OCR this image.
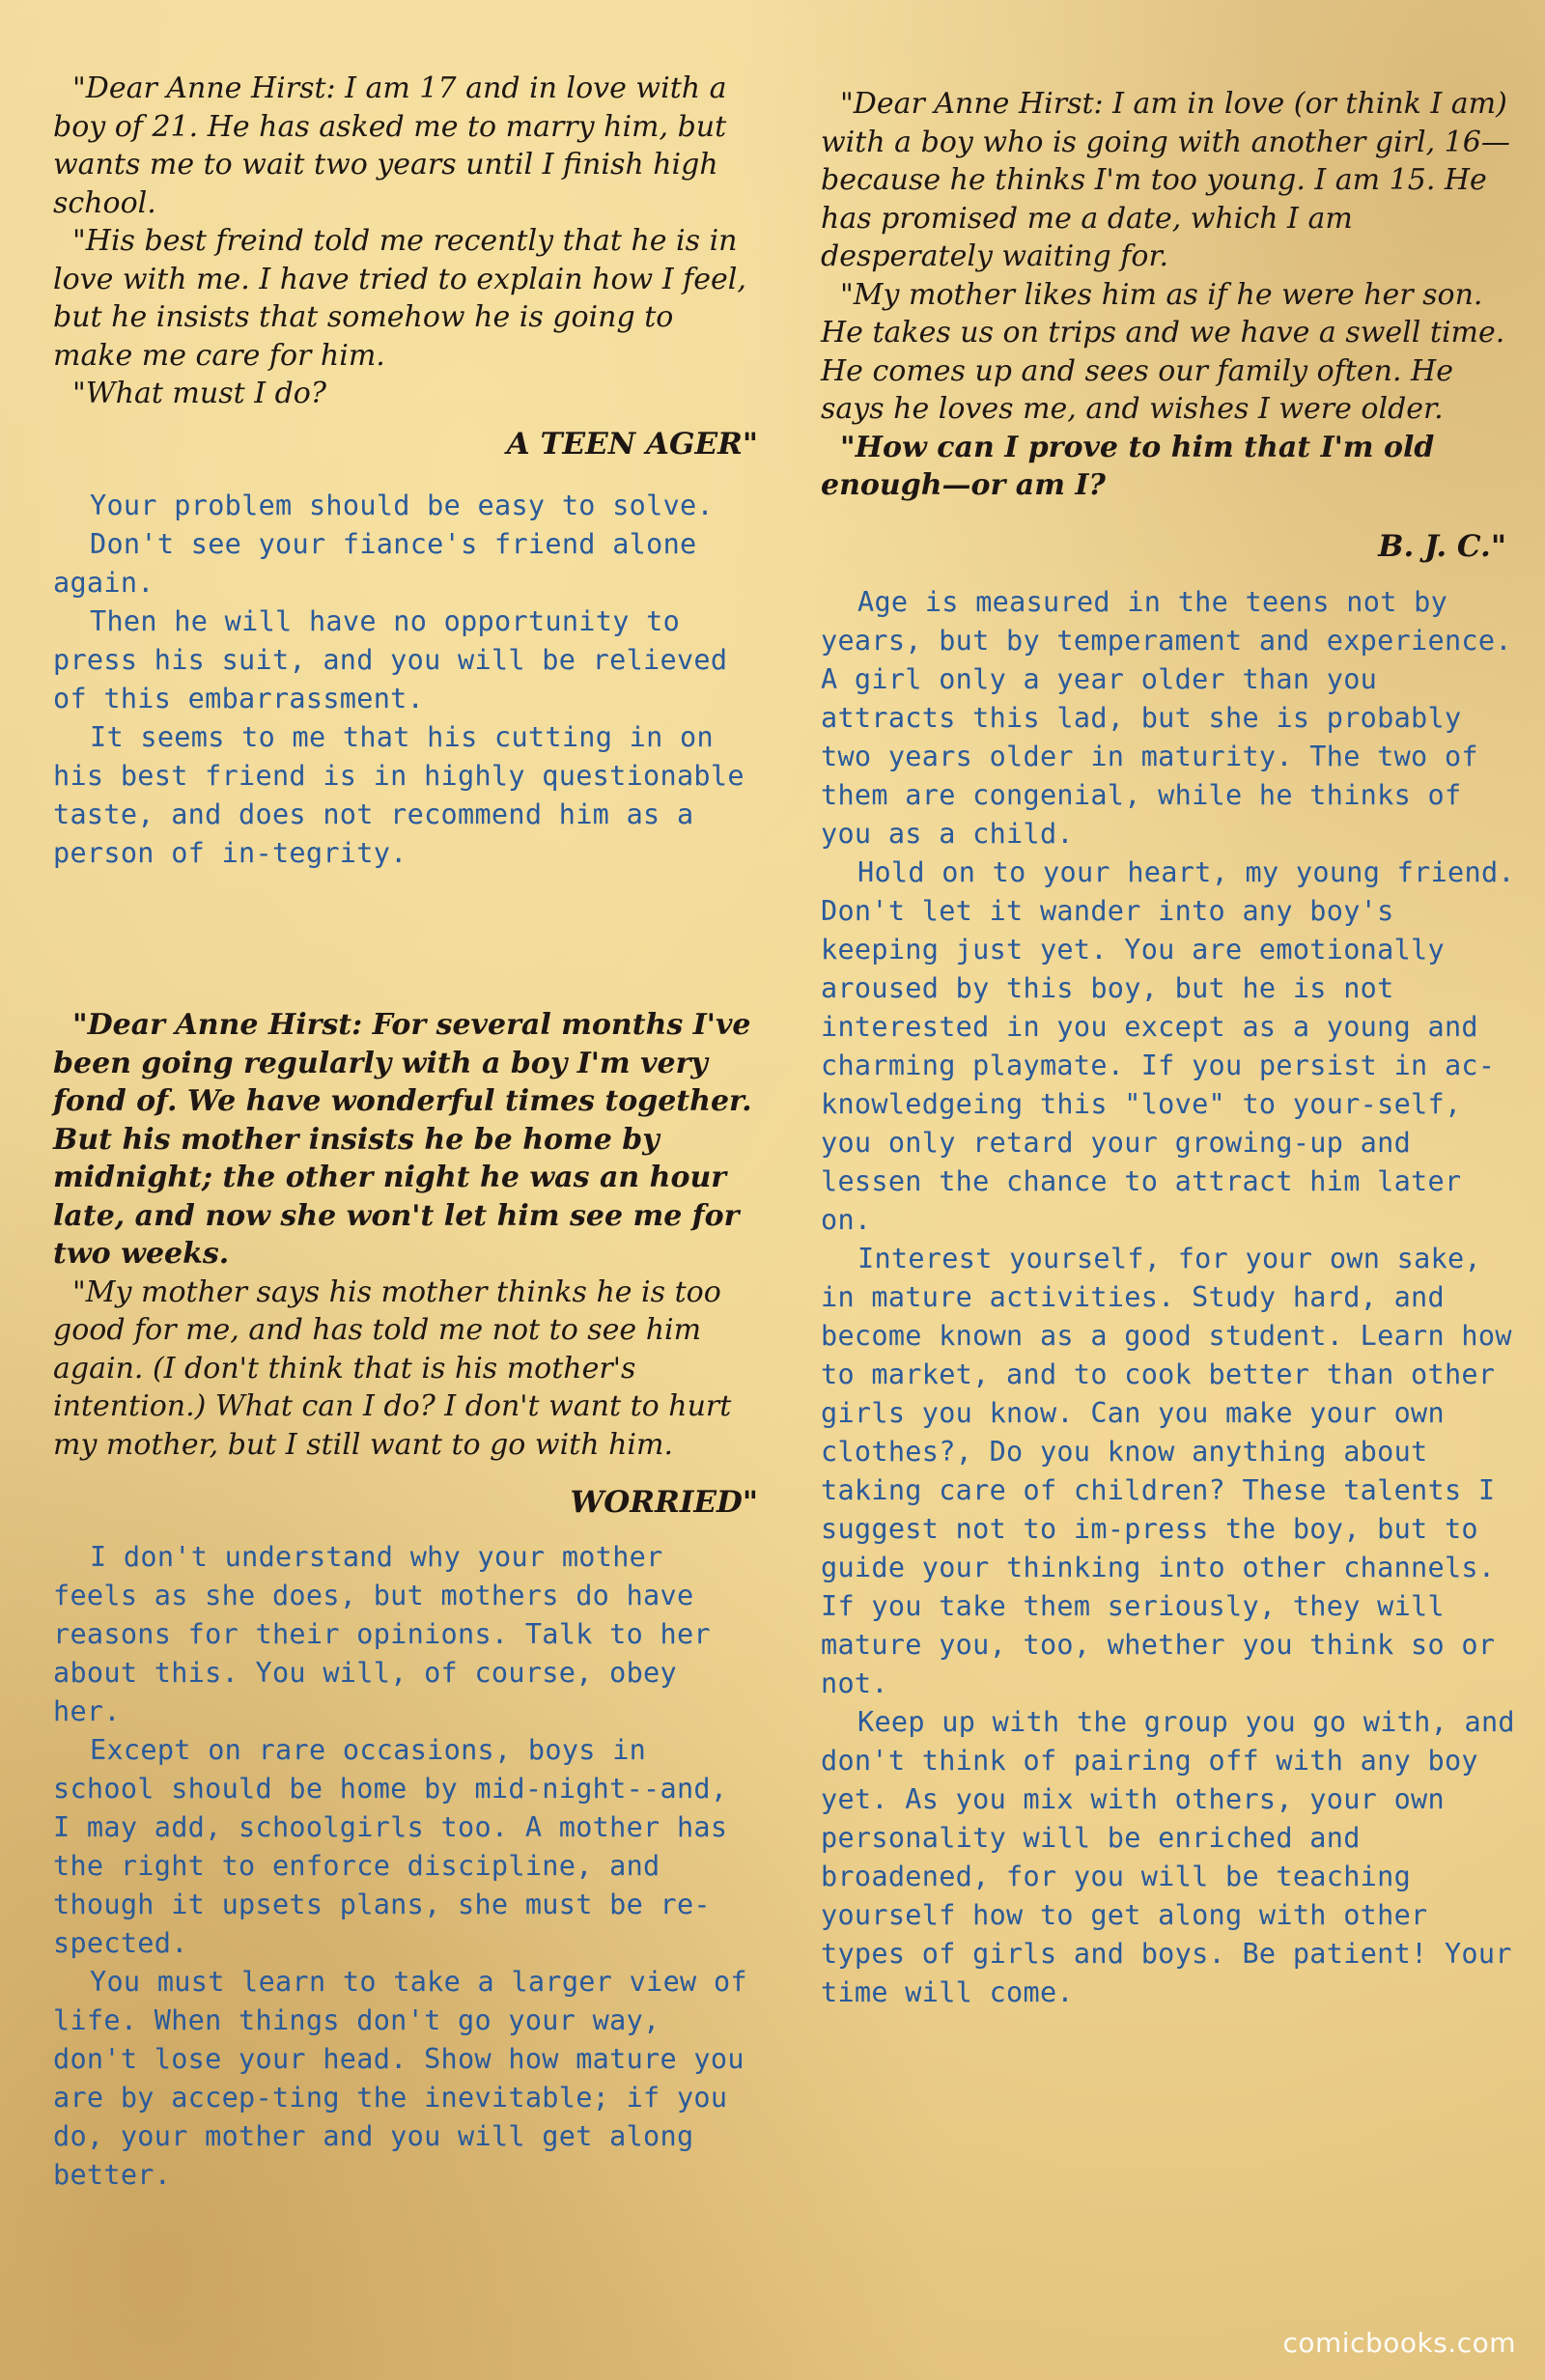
"Dear Anne Hirst: I am 17 and in love with a boy of 21. He has asked me to marry him, but wants me to wait two years until I finish high school.

"His best freind told me recently that he is in love with me. I have tried to explain how I feel, but he insists that somehow he is going to make me care for him.

"What must I do?

A TEEN AGER"

Your problem should be easy to solve.

Don't see your fiance's friend alone again.

Then he will have no opportunity to press his suit, and you will be relieved of this embarrassment.

It seems to me that his cutting in on his best friend is in highly questionable taste, and does not recommend him as a person of in-tegrity.

"Dear Anne Hirst: For several months I've been going regularly with a boy I'm very fond of. We have wonderful times together. But his mother insists he be home by midnight; the other night he was an hour late, and now she won't let him see me for two weeks.

"My mother says his mother thinks he is too good for me, and has told me not to see him again. (I don't think that is his mother's intention.) What can I do? I don't want to hurt my mother, but I still want to go with him.

WORRIED"

I don't understand why your mother feels as she does, but mothers do have reasons for their opinions. Talk to her about this. You will, of course, obey her.

Except on rare occasions, boys in school should be home by mid-night--and, I may add, schoolgirls too. A mother has the right to enforce discipline, and though it upsets plans, she must be re-spected.

You must learn to take a larger view of life. When things don't go your way, don't lose your head. Show how mature you are by accep-ting the inevitable; if you do, your mother and you will get along better.

"Dear Anne Hirst: I am in love (or think I am) with a boy who is going with another girl, 16—because he thinks I'm too young. I am 15. He has promised me a date, which I am desperately waiting for.

"My mother likes him as if he were her son. He takes us on trips and we have a swell time. He comes up and sees our family often. He says he loves me, and wishes I were older.

"How can I prove to him that I'm old enough—or am I?

B. J. C."

Age is measured in the teens not by years, but by temperament and experience. A girl only a year older than you attracts this lad, but she is probably two years older in maturity. The two of them are congenial, while he thinks of you as a child.

Hold on to your heart, my young friend. Don't let it wander into any boy's keeping just yet. You are emotionally aroused by this boy, but he is not interested in you except as a young and charming playmate. If you persist in ac-knowledgeing this "love" to your-self, you only retard your growing-up and lessen the chance to attract him later on.

Interest yourself, for your own sake, in mature activities. Study hard, and become known as a good student. Learn how to market, and to cook better than other girls you know. Can you make your own clothes?, Do you know anything about taking care of children? These talents I suggest not to im-press the boy, but to guide your thinking into other channels. If you take them seriously, they will mature you, too, whether you think so or not.

Keep up with the group you go with, and don't think of pairing off with any boy yet. As you mix with others, your own personality will be enriched and broadened, for you will be teaching yourself how to get along with other types of girls and boys. Be patient! Your time will come.

comicbooks.com
